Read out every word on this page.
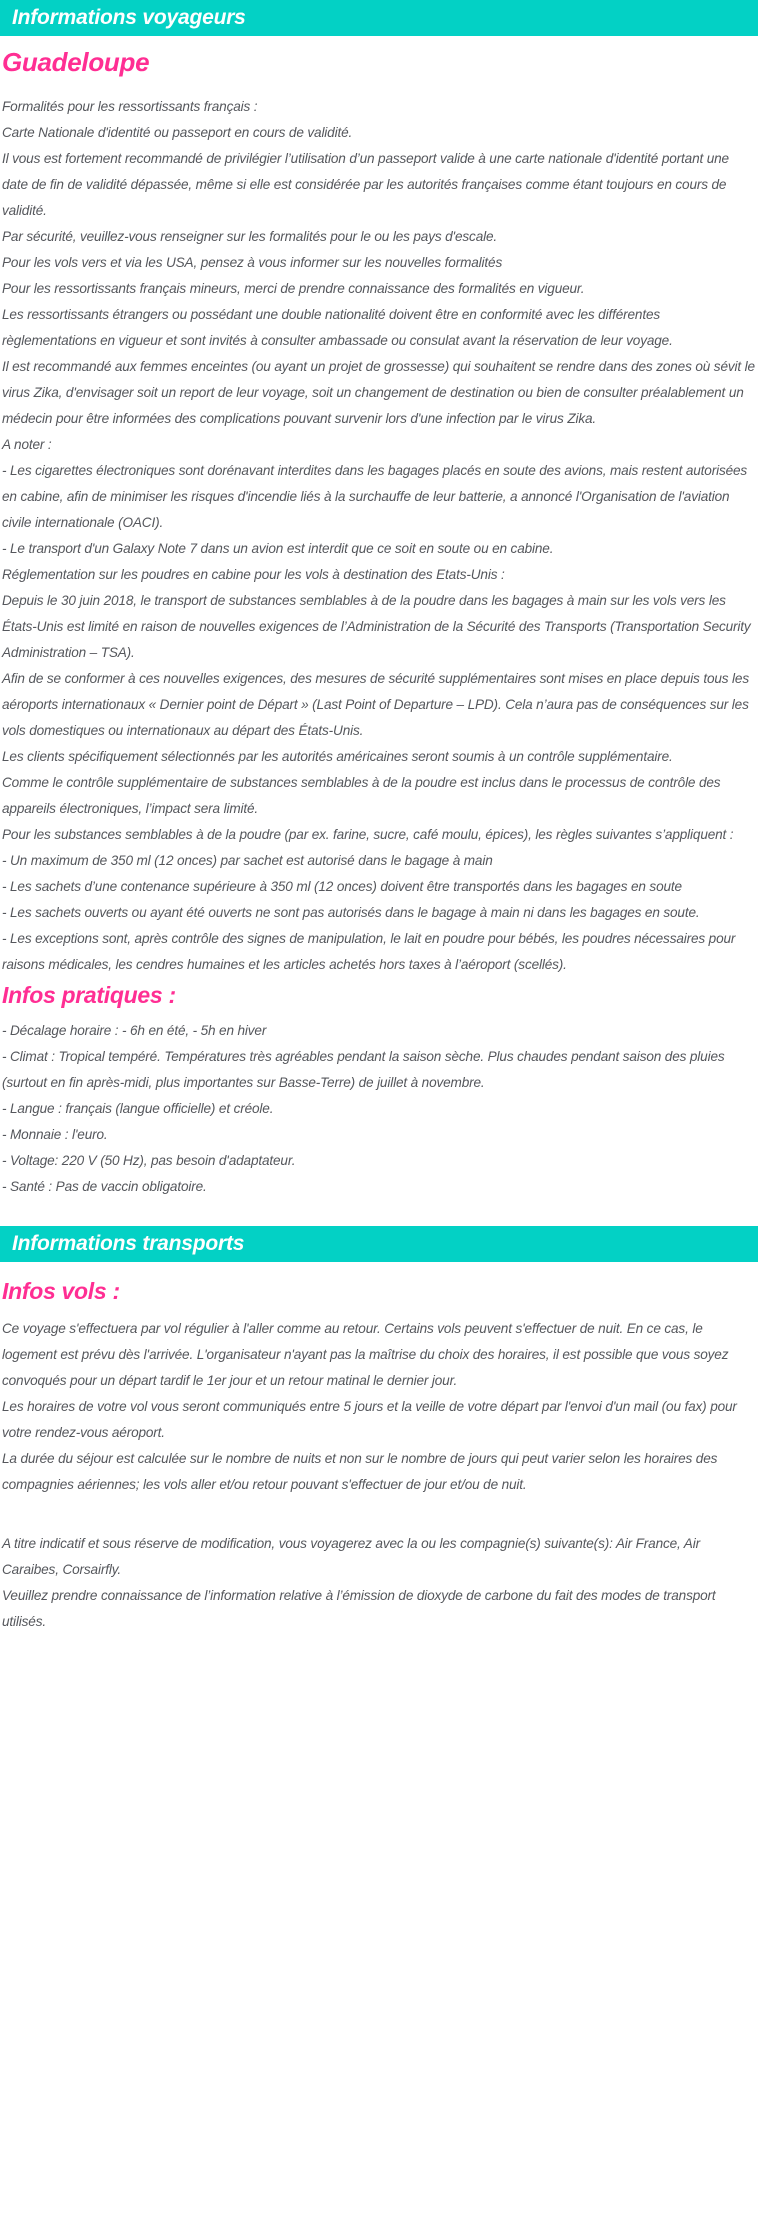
Informations voyageurs
Guadeloupe

Formalités pour les ressortissants français :

Carte Nationale d'identité ou passeport en cours de validité.

Il vous est fortement recommandé de privilégier l’utilisation d’un passeport valide à une carte nationale d'identité portant une date de fin de validité dépassée, même si elle est considérée par les autorités françaises comme étant toujours en cours de validité.

Par sécurité, veuillez-vous renseigner sur les formalités pour le ou les pays d'escale.

Pour les vols vers et via les USA, pensez à vous informer sur les nouvelles formalités

Pour les ressortissants français mineurs, merci de prendre connaissance des formalités en vigueur.

Les ressortissants étrangers ou possédant une double nationalité doivent être en conformité avec les différentes règlementations en vigueur et sont invités à consulter ambassade ou consulat avant la réservation de leur voyage.

Il est recommandé aux femmes enceintes (ou ayant un projet de grossesse) qui souhaitent se rendre dans des zones où sévit le virus Zika, d'envisager soit un report de leur voyage, soit un changement de destination ou bien de consulter préalablement un médecin pour être informées des complications pouvant survenir lors d'une infection par le virus Zika.

A noter :

- Les cigarettes électroniques sont dorénavant interdites dans les bagages placés en soute des avions, mais restent autorisées en cabine, afin de minimiser les risques d'incendie liés à la surchauffe de leur batterie, a annoncé l'Organisation de l'aviation civile internationale (OACI).

- Le transport d'un Galaxy Note 7 dans un avion est interdit que ce soit en soute ou en cabine.

Réglementation sur les poudres en cabine pour les vols à destination des Etats-Unis :

Depuis le 30 juin 2018, le transport de substances semblables à de la poudre dans les bagages à main sur les vols vers les États-Unis est limité en raison de nouvelles exigences de l’Administration de la Sécurité des Transports (Transportation Security Administration – TSA).

Afin de se conformer à ces nouvelles exigences, des mesures de sécurité supplémentaires sont mises en place depuis tous les aéroports internationaux « Dernier point de Départ » (Last Point of Departure – LPD). Cela n’aura pas de conséquences sur les vols domestiques ou internationaux au départ des États-Unis.

Les clients spécifiquement sélectionnés par les autorités américaines seront soumis à un contrôle supplémentaire.

Comme le contrôle supplémentaire de substances semblables à de la poudre est inclus dans le processus de contrôle des appareils électroniques, l’impact sera limité.

Pour les substances semblables à de la poudre (par ex. farine, sucre, café moulu, épices), les règles suivantes s’appliquent :

- Un maximum de 350 ml (12 onces) par sachet est autorisé dans le bagage à main

- Les sachets d’une contenance supérieure à 350 ml (12 onces) doivent être transportés dans les bagages en soute

- Les sachets ouverts ou ayant été ouverts ne sont pas autorisés dans le bagage à main ni dans les bagages en soute.

- Les exceptions sont, après contrôle des signes de manipulation, le lait en poudre pour bébés, les poudres nécessaires pour raisons médicales, les cendres humaines et les articles achetés hors taxes à l’aéroport (scellés).

Infos pratiques :

- Décalage horaire : - 6h en été, - 5h en hiver

- Climat : Tropical tempéré. Températures très agréables pendant la saison sèche. Plus chaudes pendant saison des pluies (surtout en fin après-midi, plus importantes sur Basse-Terre) de juillet à novembre.

- Langue : français (langue officielle) et créole.

- Monnaie : l'euro.

- Voltage: 220 V (50 Hz), pas besoin d'adaptateur.

- Santé : Pas de vaccin obligatoire.

Informations transports
Infos vols :

Ce voyage s'effectuera par vol régulier à l'aller comme au retour. Certains vols peuvent s'effectuer de nuit. En ce cas, le logement est prévu dès l'arrivée. L'organisateur n'ayant pas la maîtrise du choix des horaires, il est possible que vous soyez convoqués pour un départ tardif le 1er jour et un retour matinal le dernier jour.

Les horaires de votre vol vous seront communiqués entre 5 jours et la veille de votre départ par l'envoi d'un mail (ou fax) pour votre rendez-vous aéroport.

La durée du séjour est calculée sur le nombre de nuits et non sur le nombre de jours qui peut varier selon les horaires des compagnies aériennes; les vols aller et/ou retour pouvant s'effectuer de jour et/ou de nuit.

A titre indicatif et sous réserve de modification, vous voyagerez avec la ou les compagnie(s) suivante(s): Air France, Air Caraibes, Corsairfly.

Veuillez prendre connaissance de l’information relative à l’émission de dioxyde de carbone du fait des modes de transport utilisés.
